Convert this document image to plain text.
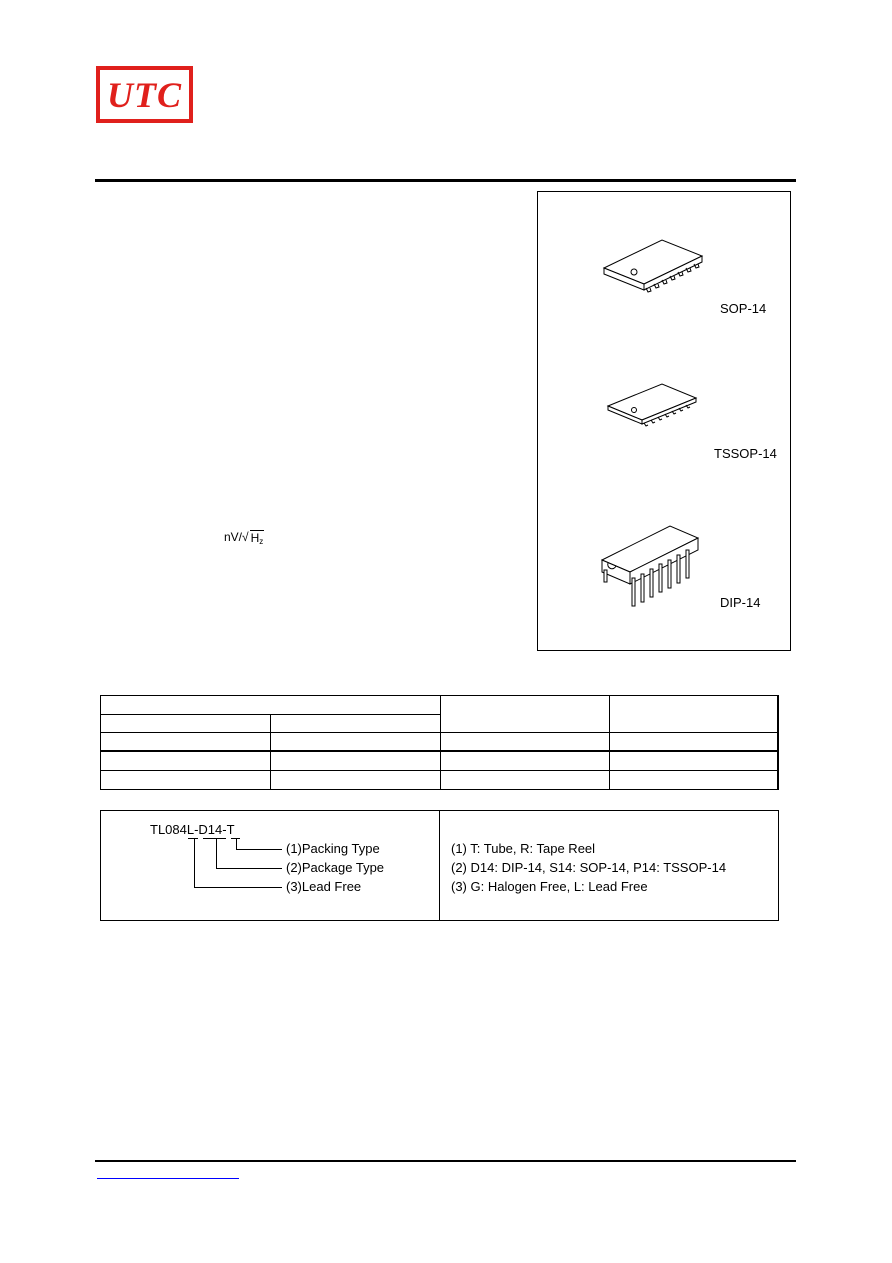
UTC
SOP-14
TSSOP-14
DIP-14
nV/ √ $H_z$
TL084L-D14-T
(1)Packing Type
(2)Package Type
(3)Lead Free
(1) T: Tube, R: Tape Reel
(2) D14: DIP-14, S14: SOP-14, P14: TSSOP-14
(3) G: Halogen Free, L: Lead Free
